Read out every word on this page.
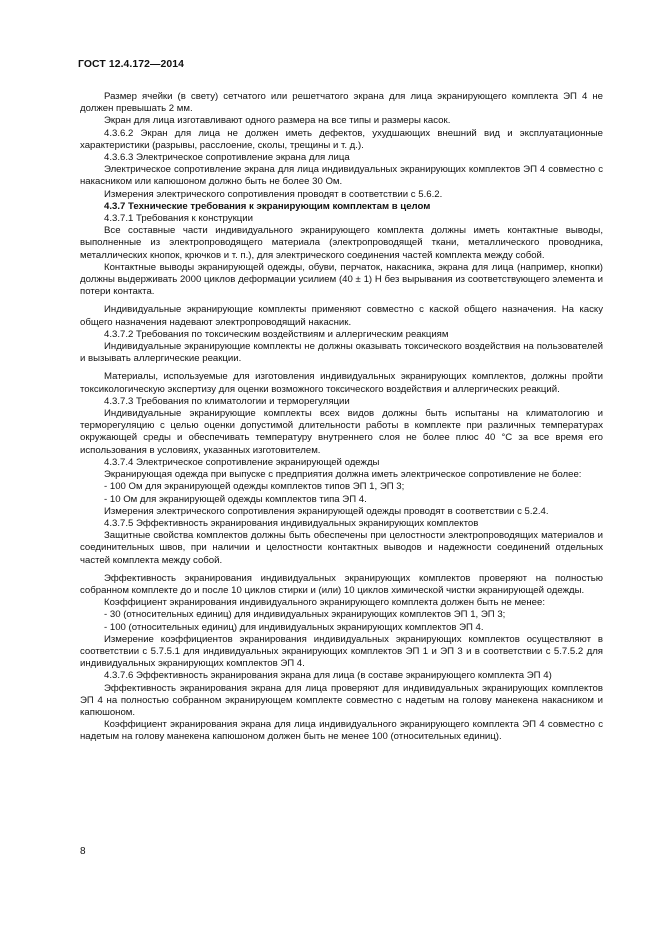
ГОСТ 12.4.172—2014

Размер ячейки (в свету) сетчатого или решетчатого экрана для лица экранирующего комплекта ЭП 4 не должен превышать 2 мм.

Экран для лица изготавливают одного размера на все типы и размеры касок.

4.3.6.2 Экран для лица не должен иметь дефектов, ухудшающих внешний вид и эксплуатационные характеристики (разрывы, расслоение, сколы, трещины и т. д.).

4.3.6.3 Электрическое сопротивление экрана для лица

Электрическое сопротивление экрана для лица индивидуальных экранирующих комплектов ЭП 4 совместно с накасником или капюшоном должно быть не более 30 Ом.

Измерения электрического сопротивления проводят в соответствии с 5.6.2.

4.3.7 Технические требования к экранирующим комплектам в целом

4.3.7.1 Требования к конструкции

Все составные части индивидуального экранирующего комплекта должны иметь контактные выводы, выполненные из электропроводящего материала (электропроводящей ткани, металлического проводника, металлических кнопок, крючков и т. п.), для электрического соединения частей комплекта между собой.

Контактные выводы экранирующей одежды, обуви, перчаток, накасника, экрана для лица (например, кнопки) должны выдерживать 2000 циклов деформации усилием (40 ± 1) Н без вырывания из соответствующего элемента и потери контакта.

Индивидуальные экранирующие комплекты применяют совместно с каской общего назначения. На каску общего назначения надевают электропроводящий накасник.

4.3.7.2 Требования по токсическим воздействиям и аллергическим реакциям

Индивидуальные экранирующие комплекты не должны оказывать токсического воздействия на пользователей и вызывать аллергические реакции.

Материалы, используемые для изготовления индивидуальных экранирующих комплектов, должны пройти токсикологическую экспертизу для оценки возможного токсического воздействия и аллергических реакций.

4.3.7.3 Требования по климатологии и терморегуляции

Индивидуальные экранирующие комплекты всех видов должны быть испытаны на климатологию и терморегуляцию с целью оценки допустимой длительности работы в комплекте при различных температурах окружающей среды и обеспечивать температуру внутреннего слоя не более плюс 40 °С за все время его использования в условиях, указанных изготовителем.

4.3.7.4 Электрическое сопротивление экранирующей одежды

Экранирующая одежда при выпуске с предприятия должна иметь электрическое сопротивление не более:

- 100 Ом для экранирующей одежды комплектов типов ЭП 1, ЭП 3;

- 10 Ом для экранирующей одежды комплектов типа ЭП 4.

Измерения электрического сопротивления экранирующей одежды проводят в соответствии с 5.2.4.

4.3.7.5 Эффективность экранирования индивидуальных экранирующих комплектов

Защитные свойства комплектов должны быть обеспечены при целостности электропроводящих материалов и соединительных швов, при наличии и целостности контактных выводов и надежности соединений отдельных частей комплекта между собой.

Эффективность экранирования индивидуальных экранирующих комплектов проверяют на полностью собранном комплекте до и после 10 циклов стирки и (или) 10 циклов химической чистки экранирующей одежды.

Коэффициент экранирования индивидуального экранирующего комплекта должен быть не менее:

- 30 (относительных единиц) для индивидуальных экранирующих комплектов ЭП 1, ЭП 3;

- 100 (относительных единиц) для индивидуальных экранирующих комплектов ЭП 4.

Измерение коэффициентов экранирования индивидуальных экранирующих комплектов осуществляют в соответствии с 5.7.5.1 для индивидуальных экранирующих комплектов ЭП 1 и ЭП 3 и в соответствии с 5.7.5.2 для индивидуальных экранирующих комплектов ЭП 4.

4.3.7.6 Эффективность экранирования экрана для лица (в составе экранирующего комплекта ЭП 4)

Эффективность экранирования экрана для лица проверяют для индивидуальных экранирующих комплектов ЭП 4 на полностью собранном экранирующем комплекте совместно с надетым на голову манекена накасником и капюшоном.

Коэффициент экранирования экрана для лица индивидуального экранирующего комплекта ЭП 4 совместно с надетым на голову манекена капюшоном должен быть не менее 100 (относительных единиц).

8
